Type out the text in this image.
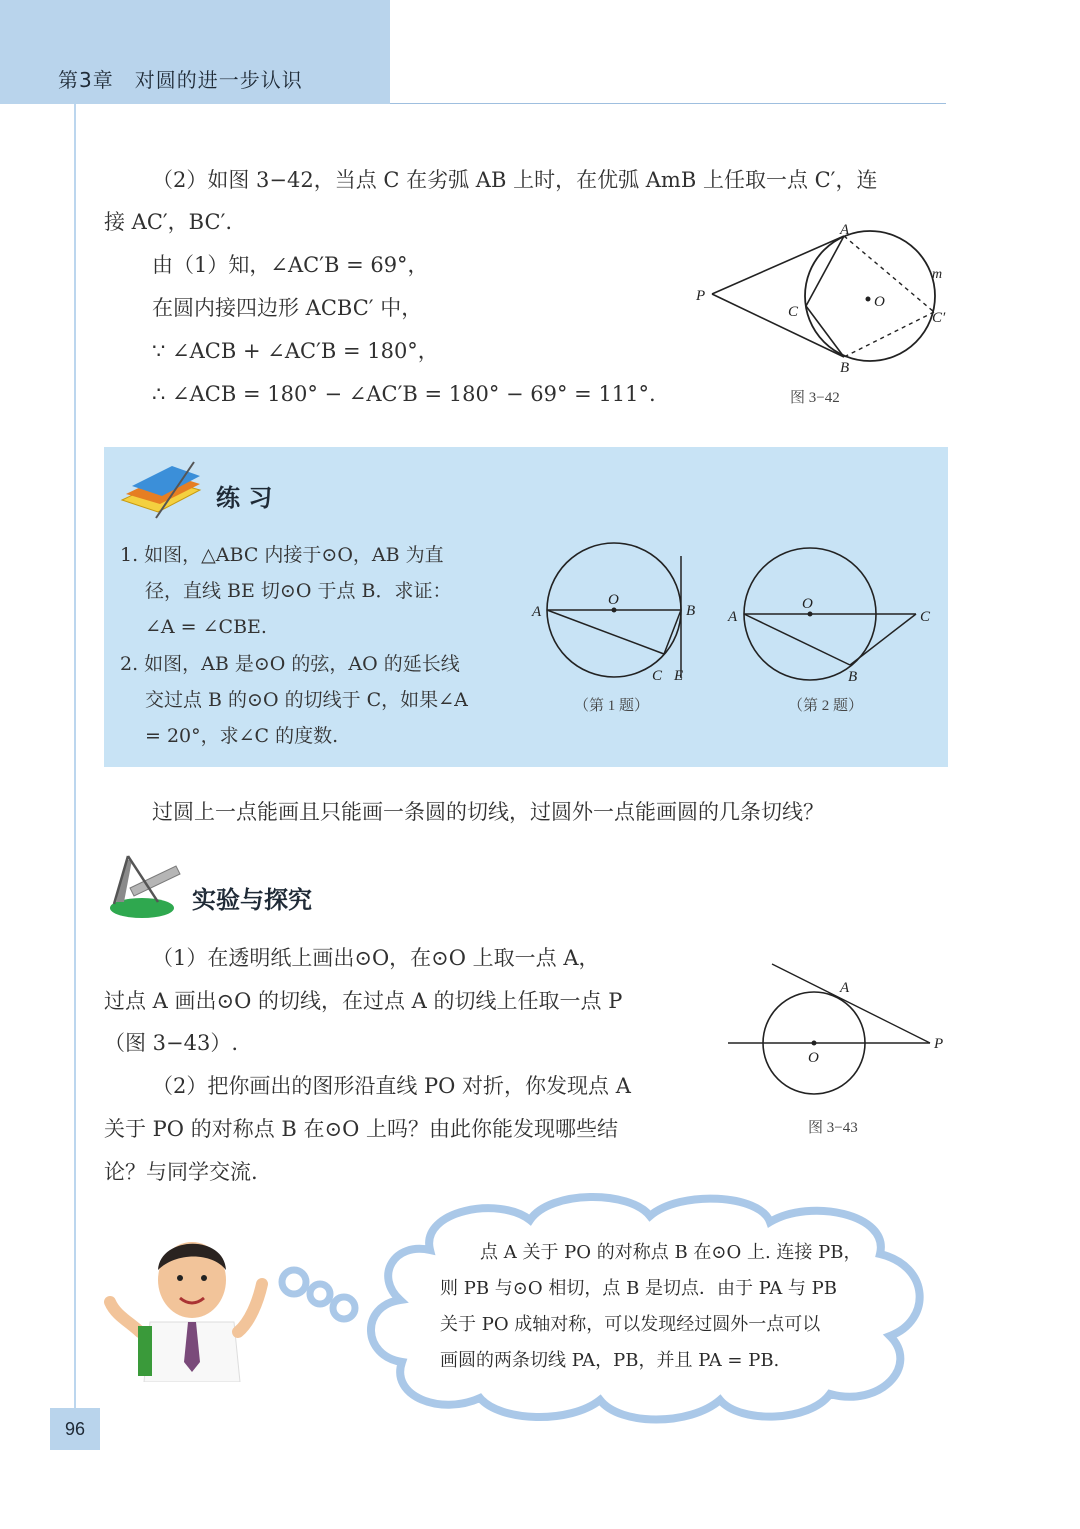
第3章　对圆的进一步认识
（2）如图 3−42，当点 C 在劣弧 AB 上时，在优弧 AmB 上任取一点 C′，连
接 AC′，BC′.
由（1）知，∠AC′B = 69°，
在圆内接四边形 ACBC′ 中，
∵ ∠ACB + ∠AC′B = 180°，
∴ ∠ACB = 180° − ∠AC′B = 180° − 69° = 111°.
A
B
C	C′
P	O
m
图 3−42
练 习
1. 如图，△ABC 内接于⊙O，AB 为直
径，直线 BE 切⊙O 于点 B．求证：
∠A = ∠CBE.
2. 如图，AB 是⊙O 的弦，AO 的延长线
交过点 B 的⊙O 的切线于 C，如果∠A
= 20°，求∠C 的度数.
O
A	B
C E
（第 1 题）
O
A
B
C
（第 2 题）
过圆上一点能画且只能画一条圆的切线，过圆外一点能画圆的几条切线？
实验与探究
（1）在透明纸上画出⊙O，在⊙O 上取一点 A，
过点 A 画出⊙O 的切线，在过点 A 的切线上任取一点 P
（图 3−43）.
（2）把你画出的图形沿直线 PO 对折，你发现点 A
关于 PO 的对称点 B 在⊙O 上吗？由此你能发现哪些结
论？与同学交流.
A
O
P
图 3−43
点 A 关于 PO 的对称点 B 在⊙O 上. 连接 PB，
则 PB 与⊙O 相切，点 B 是切点．由于 PA 与 PB
关于 PO 成轴对称，可以发现经过圆外一点可以
画圆的两条切线 PA，PB，并且 PA = PB.
96
